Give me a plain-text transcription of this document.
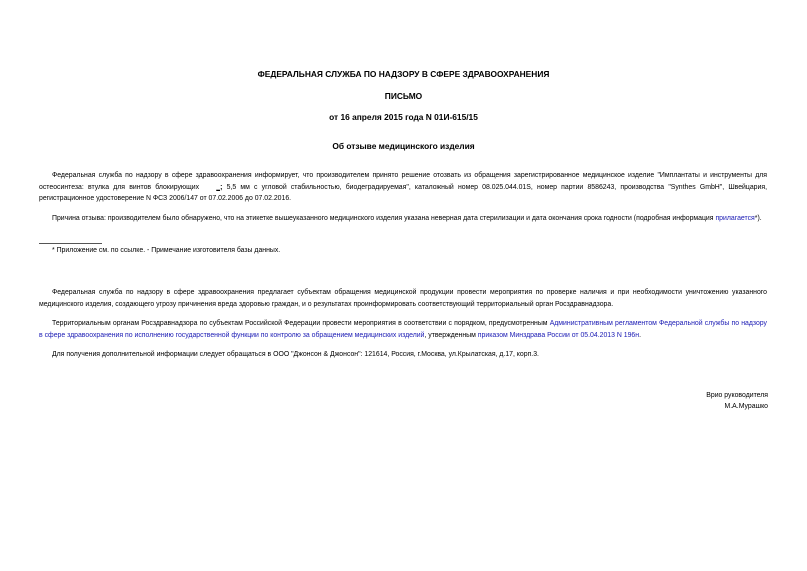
ФЕДЕРАЛЬНАЯ СЛУЖБА ПО НАДЗОРУ В СФЕРЕ ЗДРАВООХРАНЕНИЯ
ПИСЬМО
от 16 апреля 2015 года N 01И-615/15
Об отзыве медицинского изделия
Федеральная служба по надзору в сфере здравоохранения информирует, что производителем принято решение отозвать из обращения зарегистрированное медицинское изделие "Имплантаты и инструменты для остеосинтеза: втулка для винтов блокирующих _; 5,5 мм с угловой стабильностью, биодеградируемая", каталожный номер 08.025.044.01S, номер партии 8586243, производства "Synthes GmbH", Швейцария, регистрационное удостоверение N ФСЗ 2006/147 от 07.02.2006 до 07.02.2016.
Причина отзыва: производителем было обнаружено, что на этикетке вышеуказанного медицинского изделия указана неверная дата стерилизации и дата окончания срока годности (подробная информация прилагается*).
* Приложение см. по ссылке. - Примечание изготовителя базы данных.
Федеральная служба по надзору в сфере здравоохранения предлагает субъектам обращения медицинской продукции провести мероприятия по проверке наличия и при необходимости уничтожению указанного медицинского изделия, создающего угрозу причинения вреда здоровью граждан, и о результатах проинформировать соответствующий территориальный орган Росздравнадзора.
Территориальным органам Росздравнадзора по субъектам Российской Федерации провести мероприятия в соответствии с порядком, предусмотренным Административным регламентом Федеральной службы по надзору в сфере здравоохранения по исполнению государственной функции по контролю за обращением медицинских изделий, утвержденным приказом Минздрава России от 05.04.2013 N 196н.
Для получения дополнительной информации следует обращаться в ООО "Джонсон & Джонсон": 121614, Россия, г.Москва, ул.Крылатская, д.17, корп.3.
Врио руководителя
М.А.Мурашко
